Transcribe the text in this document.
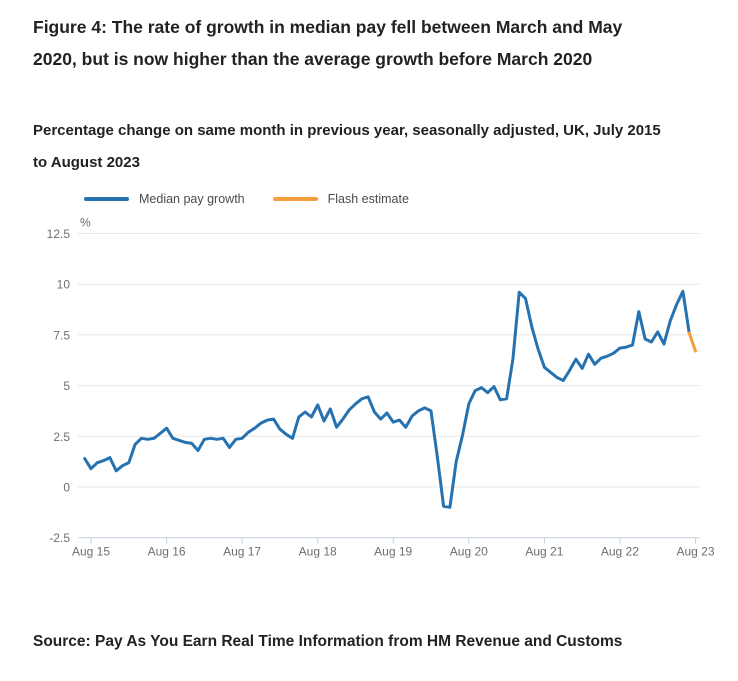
Figure 4: The rate of growth in median pay fell between March and May 2020, but is now higher than the average growth before March 2020
Percentage change on same month in previous year, seasonally adjusted, UK, July 2015 to August 2023
Median pay growth	Flash estimate
12.5
10
7.5
5
2.5
0
-2.5
%
Aug 15	Aug 16	Aug 17	Aug 18	Aug 19	Aug 20	Aug 21	Aug 22	Aug 23
Source: Pay As You Earn Real Time Information from HM Revenue and Customs
